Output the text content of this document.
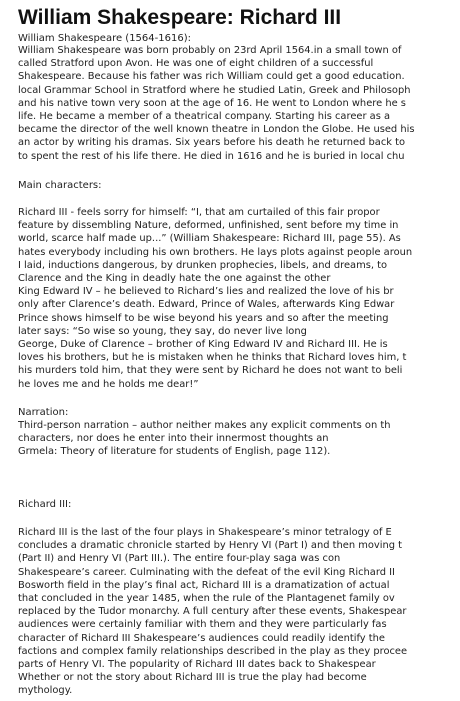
William Shakespeare: Richard III
William Shakespeare (1564-1616):
William Shakespeare was born probably on 23rd April 1564.in a small town of
called Stratford upon Avon. He was one of eight children of a successful
Shakespeare. Because his father was rich William could get a good education.
local Grammar School in Stratford where he studied Latin, Greek and Philosoph
and his native town very soon at the age of 16. He went to London where he s
life. He became a member of a theatrical company. Starting his career as a
became the director of the well known theatre in London the Globe. He used his
an actor by writing his dramas. Six years before his death he returned back to
to spent the rest of his life there. He died in 1616 and he is buried in local chu
Main characters:
Richard III - feels sorry for himself: “I, that am curtailed of this fair propor
feature by dissembling Nature, deformed, unfinished, sent before my time in
world, scarce half made up...” (William Shakespeare: Richard III, page 55). As
hates everybody including his own brothers. He lays plots against people aroun
I laid, inductions dangerous, by drunken prophecies, libels, and dreams, to
Clarence and the King in deadly hate the one against the other
King Edward IV – he believed to Richard’s lies and realized the love of his br
only after Clarence’s death. Edward, Prince of Wales, afterwards King Edwar
Prince shows himself to be wise beyond his years and so after the meeting
later says: “So wise so young, they say, do never live long
George, Duke of Clarence – brother of King Edward IV and Richard III. He is
loves his brothers, but he is mistaken when he thinks that Richard loves him, t
his murders told him, that they were sent by Richard he does not want to beli
he loves me and he holds me dear!”
Narration:
Third-person narration – author neither makes any explicit comments on th
characters, nor does he enter into their innermost thoughts an
Grmela: Theory of literature for students of English, page 112).
Richard III:
Richard III is the last of the four plays in Shakespeare’s minor tetralogy of E
concludes a dramatic chronicle started by Henry VI (Part I) and then moving t
(Part II) and Henry VI (Part III.). The entire four-play saga was con
Shakespeare’s career. Culminating with the defeat of the evil King Richard II
Bosworth field in the play’s final act, Richard III is a dramatization of actual
that concluded in the year 1485, when the rule of the Plantagenet family ov
replaced by the Tudor monarchy. A full century after these events, Shakespear
audiences were certainly familiar with them and they were particularly fas
character of Richard III Shakespeare’s audiences could readily identify the
factions and complex family relationships described in the play as they procee
parts of Henry VI. The popularity of Richard III dates back to Shakespear
Whether or not the story about Richard III is true the play had become
mythology.
